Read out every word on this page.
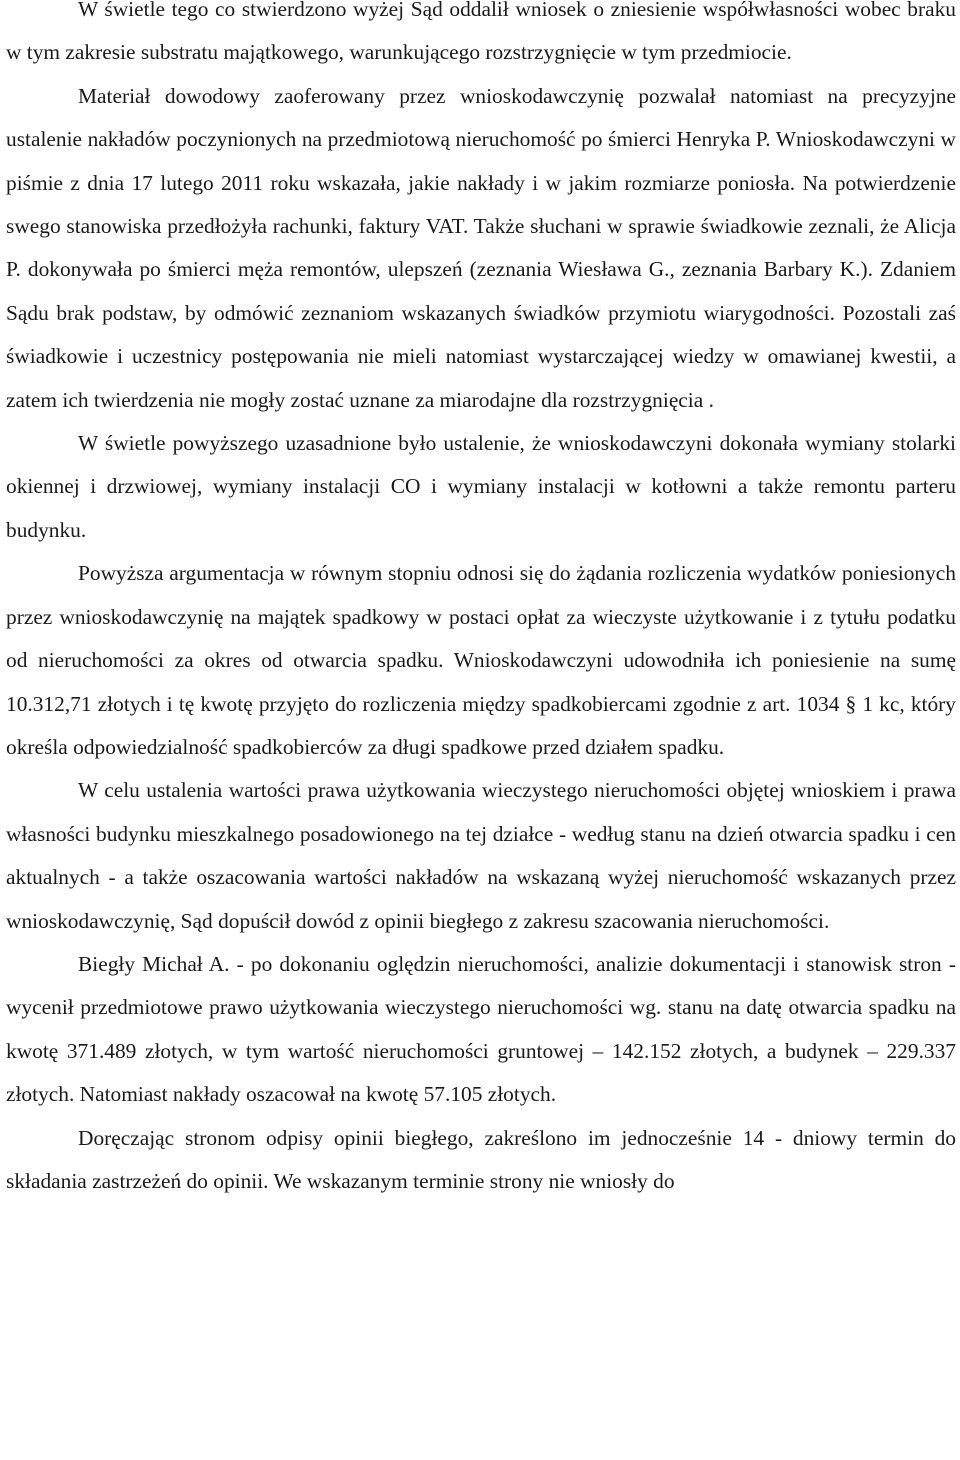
W świetle tego co stwierdzono wyżej Sąd oddalił wniosek o zniesienie współwłasności wobec braku w tym zakresie substratu majątkowego, warunkującego rozstrzygnięcie w tym przedmiocie.

Materiał dowodowy zaoferowany przez wnioskodawczynię pozwalał natomiast na precyzyjne ustalenie nakładów poczynionych na przedmiotową nieruchomość po śmierci Henryka P. Wnioskodawczyni w piśmie z dnia 17 lutego 2011 roku wskazała, jakie nakłady i w jakim rozmiarze poniosła. Na potwierdzenie swego stanowiska przedłożyła rachunki, faktury VAT. Także słuchani w sprawie świadkowie zeznali, że Alicja P. dokonywała po śmierci męża remontów, ulepszeń (zeznania Wiesława G., zeznania Barbary K.). Zdaniem Sądu brak podstaw, by odmówić zeznaniom wskazanych świadków przymiotu wiarygodności. Pozostali zaś świadkowie i uczestnicy postępowania nie mieli natomiast wystarczającej wiedzy w omawianej kwestii, a zatem ich twierdzenia nie mogły zostać uznane za miarodajne dla rozstrzygnięcia .

W świetle powyższego uzasadnione było ustalenie, że wnioskodawczyni dokonała wymiany stolarki okiennej i drzwiowej, wymiany instalacji CO i wymiany instalacji w kotłowni a także remontu parteru budynku.

Powyższa argumentacja w równym stopniu odnosi się do żądania rozliczenia wydatków poniesionych przez wnioskodawczynię na majątek spadkowy w postaci opłat za wieczyste użytkowanie i z tytułu podatku od nieruchomości za okres od otwarcia spadku. Wnioskodawczyni udowodniła ich poniesienie na sumę 10.312,71 złotych i tę kwotę przyjęto do rozliczenia między spadkobiercami zgodnie z art. 1034 § 1 kc, który określa odpowiedzialność spadkobierców za długi spadkowe przed działem spadku.

W celu ustalenia wartości prawa użytkowania wieczystego nieruchomości objętej wnioskiem i prawa własności budynku mieszkalnego posadowionego na tej działce - według stanu na dzień otwarcia spadku i cen aktualnych - a także oszacowania wartości nakładów na wskazaną wyżej nieruchomość wskazanych przez wnioskodawczynię, Sąd dopuścił dowód z opinii biegłego z zakresu szacowania nieruchomości.

Biegły Michał A. - po dokonaniu oględzin nieruchomości, analizie dokumentacji i stanowisk stron - wycenił przedmiotowe prawo użytkowania wieczystego nieruchomości wg. stanu na datę otwarcia spadku na kwotę 371.489 złotych, w tym wartość nieruchomości gruntowej – 142.152 złotych, a budynek – 229.337 złotych. Natomiast nakłady oszacował na kwotę 57.105 złotych.

Doręczając stronom odpisy opinii biegłego, zakreślono im jednocześnie 14 - dniowy termin do składania zastrzeżeń do opinii. We wskazanym terminie strony nie wniosły do
